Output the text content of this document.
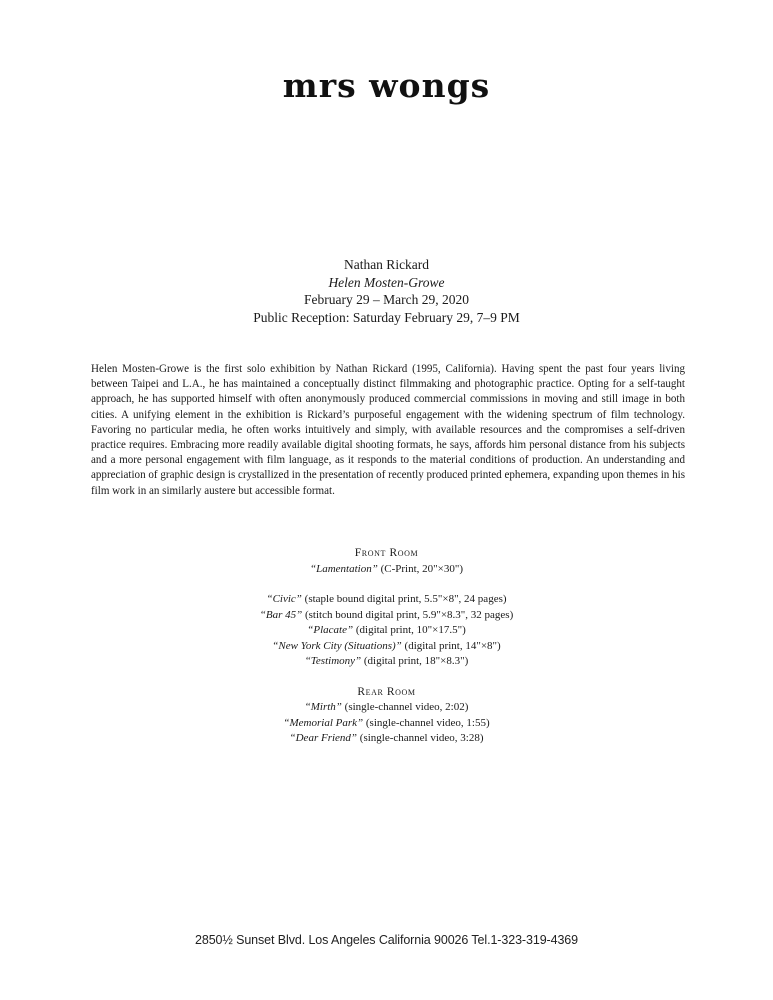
mrs wongs
Nathan Rickard
Helen Mosten-Growe
February 29 – March 29, 2020
Public Reception: Saturday February 29, 7–9 PM
Helen Mosten-Growe is the first solo exhibition by Nathan Rickard (1995, California). Having spent the past four years living between Taipei and L.A., he has maintained a conceptually distinct filmmaking and photographic practice. Opting for a self-taught approach, he has supported himself with often anonymously produced commercial commissions in moving and still image in both cities. A unifying element in the exhibition is Rickard’s purposeful engagement with the widening spectrum of film technology. Favoring no particular media, he often works intuitively and simply, with available resources and the compromises a self-driven practice requires. Embracing more readily available digital shooting formats, he says, affords him personal distance from his subjects and a more personal engagement with film language, as it responds to the material conditions of production. An understanding and appreciation of graphic design is crystallized in the presentation of recently produced printed ephemera, expanding upon themes in his film work in an similarly austere but accessible format.
Front Room
“Lamentation” (C-Print, 20"×30")
“Civic” (staple bound digital print, 5.5"×8", 24 pages)
“Bar 45” (stitch bound digital print, 5.9"×8.3", 32 pages)
“Placate” (digital print, 10"×17.5")
“New York City (Situations)” (digital print, 14"×8")
“Testimony” (digital print, 18"×8.3")
Rear Room
“Mirth” (single-channel video, 2:02)
“Memorial Park” (single-channel video, 1:55)
“Dear Friend” (single-channel video, 3:28)
2850½ Sunset Blvd. Los Angeles California 90026 Tel.1-323-319-4369
